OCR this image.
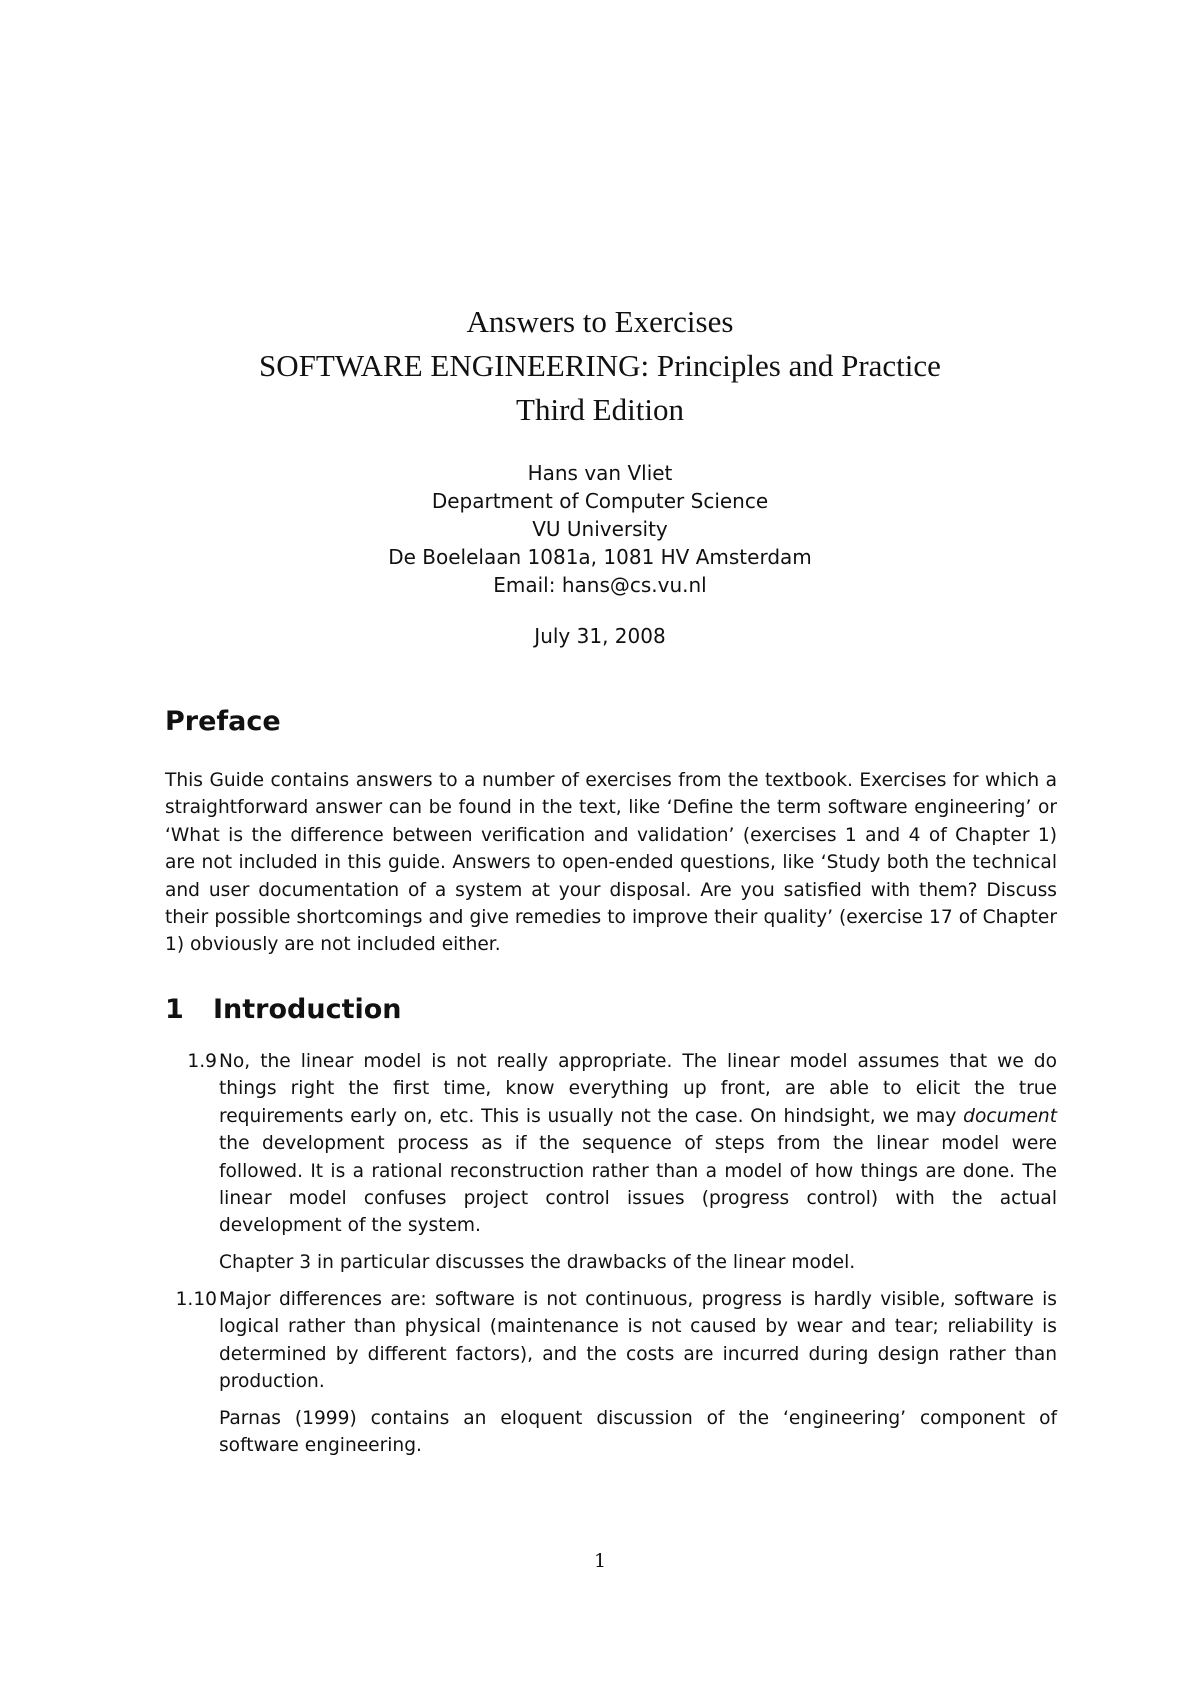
Answers to Exercises

SOFTWARE ENGINEERING: Principles and Practice

Third Edition

Hans van Vliet

Department of Computer Science

VU University

De Boelelaan 1081a, 1081 HV Amsterdam

Email: hans@cs.vu.nl

July 31, 2008

Preface

This Guide contains answers to a number of exercises from the textbook. Exercises for which a straightforward answer can be found in the text, like ‘Define the term software engineering’ or ‘What is the difference between verification and validation’ (exercises 1 and 4 of Chapter 1) are not included in this guide. Answers to open-ended questions, like ‘Study both the technical and user documentation of a system at your disposal. Are you satisfied with them? Discuss their possible shortcomings and give remedies to improve their quality’ (exercise 17 of Chapter 1) obviously are not included either.

1 Introduction
1.9 No, the linear model is not really appropriate. The linear model assumes that we do things right the first time, know everything up front, are able to elicit the true requirements early on, etc. This is usually not the case. On hindsight, we may document the development process as if the sequence of steps from the linear model were followed. It is a rational reconstruction rather than a model of how things are done. The linear model confuses project control issues (progress control) with the actual development of the system.

Chapter 3 in particular discusses the drawbacks of the linear model.

1.10 Major differences are: software is not continuous, progress is hardly visible, software is logical rather than physical (maintenance is not caused by wear and tear; reliability is determined by different factors), and the costs are incurred during design rather than production.

Parnas (1999) contains an eloquent discussion of the ‘engineering’ component of software engineering.

1
